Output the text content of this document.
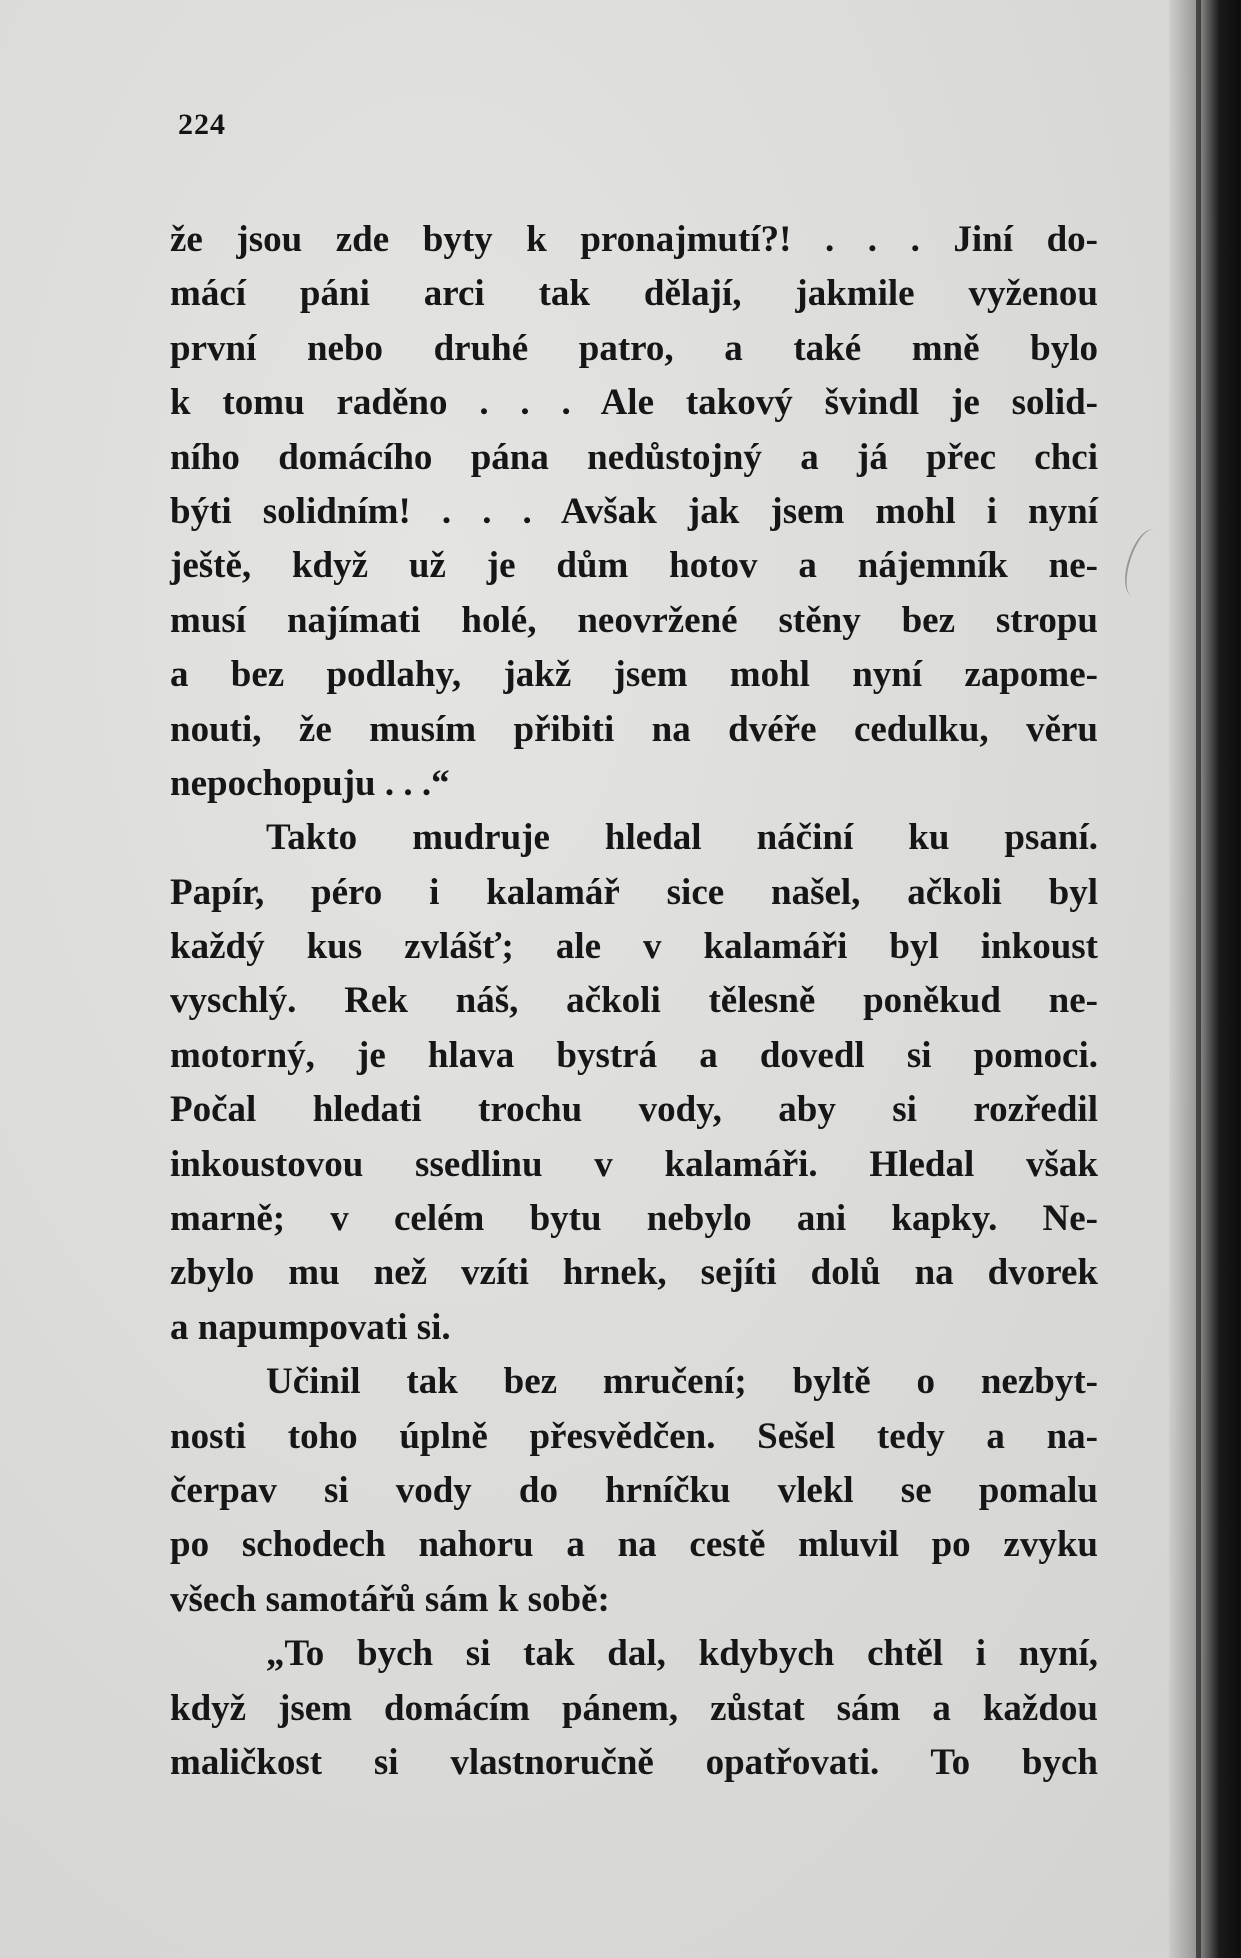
224
že jsou zde byty k pronajmutí?! . . . Jiní do-
mácí páni arci tak dělají, jakmile vyženou
první nebo druhé patro, a také mně bylo
k tomu raděno . . . Ale takový švindl je solid-
ního domácího pána nedůstojný a já přec chci
býti solidním! . . . Avšak jak jsem mohl i nyní
ještě, když už je dům hotov a nájemník ne-
musí najímati holé, neovržené stěny bez stropu
a bez podlahy, jakž jsem mohl nyní zapome-
nouti, že musím přibiti na dvéře cedulku, věru
nepochopuju . . .“
Takto mudruje hledal náčiní ku psaní.
Papír, péro i kalamář sice našel, ačkoli byl
každý kus zvlášť; ale v kalamáři byl inkoust
vyschlý. Rek náš, ačkoli tělesně poněkud ne-
motorný, je hlava bystrá a dovedl si pomoci.
Počal hledati trochu vody, aby si rozředil
inkoustovou ssedlinu v kalamáři. Hledal však
marně; v celém bytu nebylo ani kapky. Ne-
zbylo mu než vzíti hrnek, sejíti dolů na dvorek
a napumpovati si.
Učinil tak bez mručení; byltě o nezbyt-
nosti toho úplně přesvědčen. Sešel tedy a na-
čerpav si vody do hrníčku vlekl se pomalu
po schodech nahoru a na cestě mluvil po zvyku
všech samotářů sám k sobě:
„To bych si tak dal, kdybych chtěl i nyní,
když jsem domácím pánem, zůstat sám a každou
maličkost si vlastnoručně opatřovati. To bych
